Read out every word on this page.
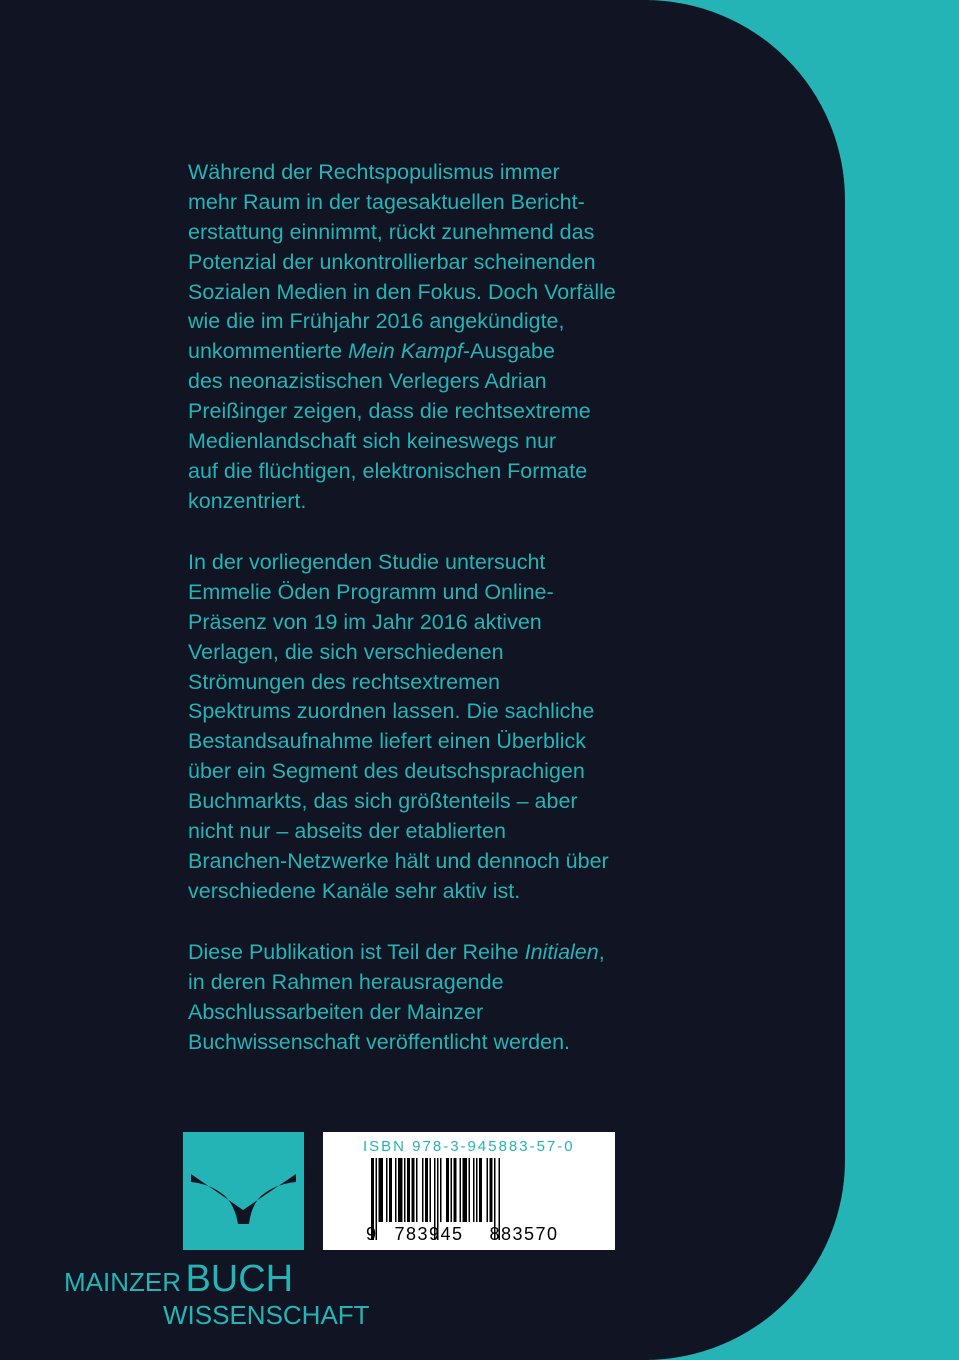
Während der Rechtspopulismus immer
mehr Raum in der tagesaktuellen Bericht-
erstattung einnimmt, rückt zunehmend das
Potenzial der unkontrollierbar scheinenden
Sozialen Medien in den Fokus. Doch Vorfälle
wie die im Frühjahr 2016 angekündigte,
unkommentierte Mein Kampf-Ausgabe
des neonazistischen Verlegers Adrian
Preißinger zeigen, dass die rechtsextreme
Medienlandschaft sich keineswegs nur
auf die flüchtigen, elektronischen Formate
konzentriert.
In der vorliegenden Studie untersucht
Emmelie Öden Programm und Online-
Präsenz von 19 im Jahr 2016 aktiven
Verlagen, die sich verschiedenen
Strömungen des rechtsextremen
Spektrums zuordnen lassen. Die sachliche
Bestandsaufnahme liefert einen Überblick
über ein Segment des deutschsprachigen
Buchmarkts, das sich größtenteils – aber
nicht nur – abseits der etablierten
Branchen-Netzwerke hält und dennoch über
verschiedene Kanäle sehr aktiv ist.
Diese Publikation ist Teil der Reihe Initialen,
in deren Rahmen herausragende
Abschlussarbeiten der Mainzer
Buchwissenschaft veröffentlicht werden.
MAINZER BUCH
WISSENSCHAFT
ISBN 978-3-945883-57-0
9 783945	883570
